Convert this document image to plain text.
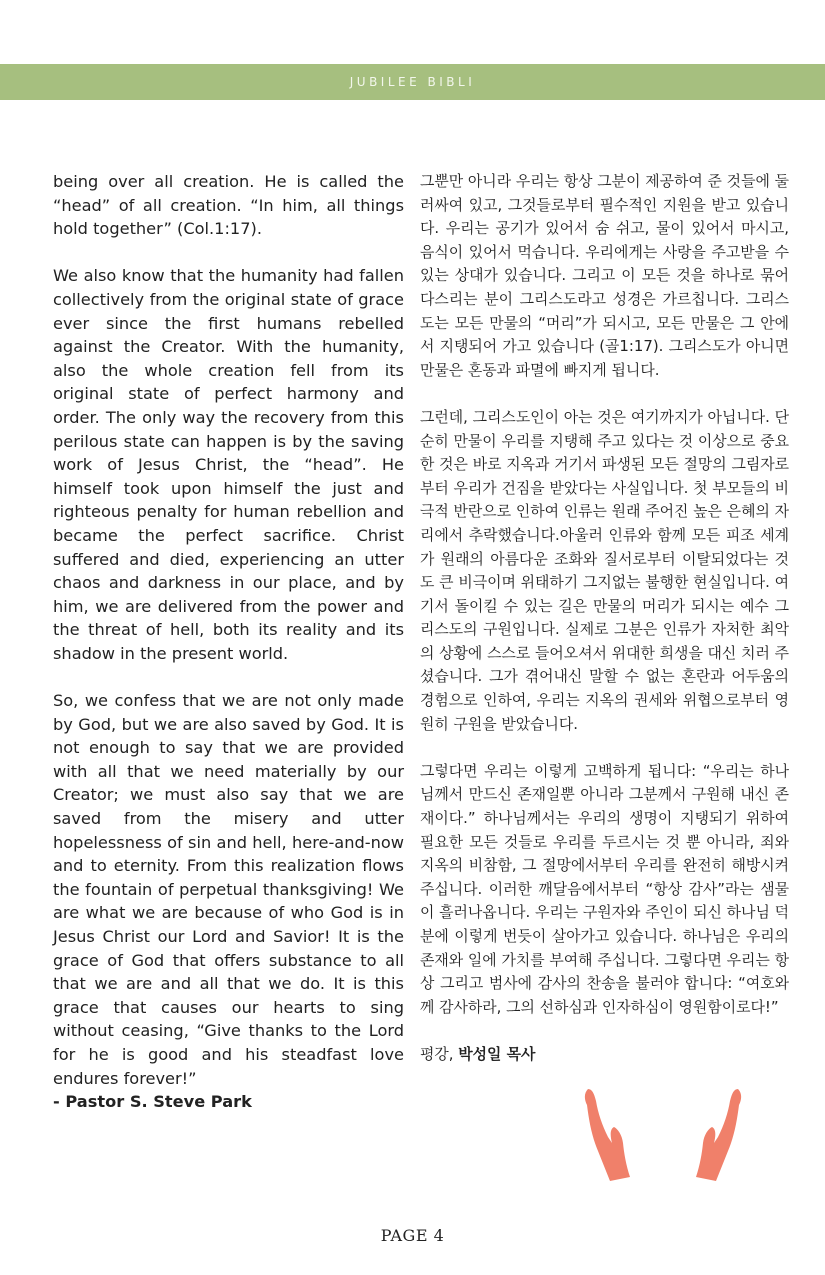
JUBILEE BIBLI

being over all creation. He is called the “head” of all creation. “In him, all things hold together” (Col.1:17).

We also know that the humanity had fallen collectively from the original state of grace ever since the first humans rebelled against the Creator. With the humanity, also the whole creation fell from its original state of perfect harmony and order. The only way the recovery from this perilous state can happen is by the saving work of Jesus Christ, the “head”. He himself took upon himself the just and righteous penalty for human rebellion and became the perfect sacrifice. Christ suffered and died, experiencing an utter chaos and darkness in our place, and by him, we are delivered from the power and the threat of hell, both its reality and its shadow in the present world.

So, we confess that we are not only made by God, but we are also saved by God. It is not enough to say that we are provided with all that we need materially by our Creator; we must also say that we are saved from the misery and utter hopelessness of sin and hell, here-and-now and to eternity. From this realization flows the fountain of perpetual thanksgiving! We are what we are because of who God is in Jesus Christ our Lord and Savior! It is the grace of God that offers substance to all that we are and all that we do. It is this grace that causes our hearts to sing without ceasing, “Give thanks to the Lord for he is good and his steadfast love endures forever!”

- Pastor S. Steve Park

그뿐만 아니라 우리는 항상 그분이 제공하여 준 것들에 둘러싸여 있고, 그것들로부터 필수적인 지원을 받고 있습니다. 우리는 공기가 있어서 숨 쉬고, 물이 있어서 마시고, 음식이 있어서 먹습니다. 우리에게는 사랑을 주고받을 수 있는 상대가 있습니다. 그리고 이 모든 것을 하나로 묶어 다스리는 분이 그리스도라고 성경은 가르칩니다. 그리스도는 모든 만물의 “머리”가 되시고, 모든 만물은 그 안에서 지탱되어 가고 있습니다 (골1:17). 그리스도가 아니면 만물은 혼동과 파멸에 빠지게 됩니다.

그런데, 그리스도인이 아는 것은 여기까지가 아닙니다. 단순히 만물이 우리를 지탱해 주고 있다는 것 이상으로 중요한 것은 바로 지옥과 거기서 파생된 모든 절망의 그림자로부터 우리가 건짐을 받았다는 사실입니다. 첫 부모들의 비극적 반란으로 인하여 인류는 원래 주어진 높은 은혜의 자리에서 추락했습니다.아울러 인류와 함께 모든 피조 세계가 원래의 아름다운 조화와 질서로부터 이탈되었다는 것도 큰 비극이며 위태하기 그지없는 불행한 현실입니다. 여기서 돌이킬 수 있는 길은 만물의 머리가 되시는 예수 그리스도의 구원입니다. 실제로 그분은 인류가 자처한 최악의 상황에 스스로 들어오셔서 위대한 희생을 대신 치러 주셨습니다. 그가 겪어내신 말할 수 없는 혼란과 어두움의 경험으로 인하여, 우리는 지옥의 권세와 위협으로부터 영원히 구원을 받았습니다.

그렇다면 우리는 이렇게 고백하게 됩니다: “우리는 하나님께서 만드신 존재일뿐 아니라 그분께서 구원해 내신 존재이다.” 하나님께서는 우리의 생명이 지탱되기 위하여 필요한 모든 것들로 우리를 두르시는 것 뿐 아니라, 죄와 지옥의 비참함, 그 절망에서부터 우리를 완전히 해방시켜 주십니다. 이러한 깨달음에서부터 “항상 감사”라는 샘물이 흘러나옵니다. 우리는 구원자와 주인이 되신 하나님 덕분에 이렇게 번듯이 살아가고 있습니다. 하나님은 우리의 존재와 일에 가치를 부여해 주십니다. 그렇다면 우리는 항상 그리고 범사에 감사의 찬송을 불러야 합니다: “여호와께 감사하라, 그의 선하심과 인자하심이 영원함이로다!”

평강, 박성일 목사

PAGE 4
